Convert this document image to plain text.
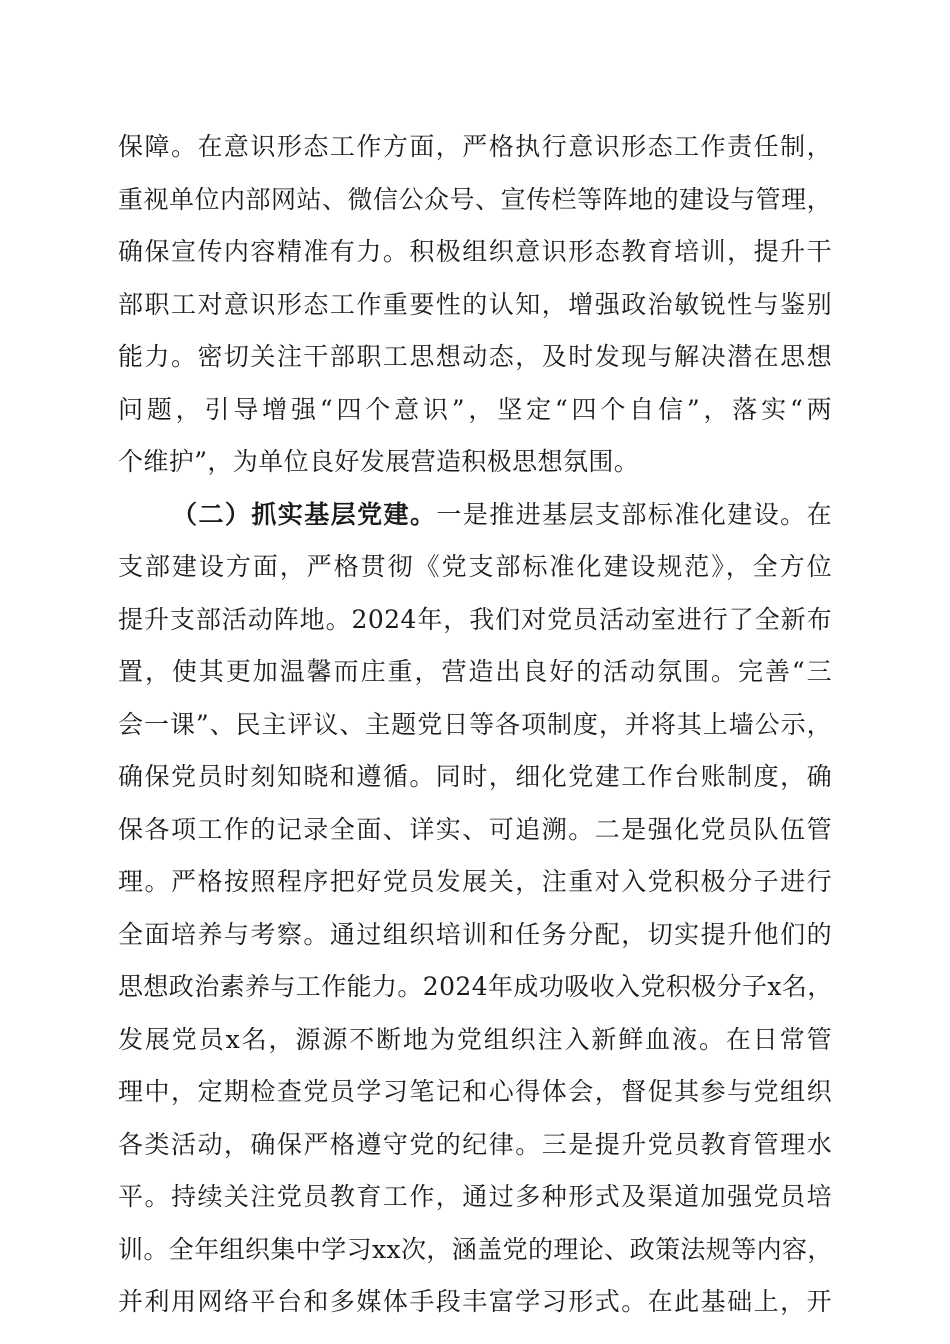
保障。在意识形态工作方面，严格执行意识形态工作责任制，
重视单位内部网站、微信公众号、宣传栏等阵地的建设与管理，
确保宣传内容精准有力。积极组织意识形态教育培训，提升干
部职工对意识形态工作重要性的认知，增强政治敏锐性与鉴别
能力。密切关注干部职工思想动态，及时发现与解决潜在思想
问题，引导增强“四个意识”，坚定“四个自信”，落实“两
个维护”，为单位良好发展营造积极思想氛围。
（二）抓实基层党建。一是推进基层支部标准化建设。在
支部建设方面，严格贯彻《党支部标准化建设规范》，全方位
提升支部活动阵地。2024年，我们对党员活动室进行了全新布
置，使其更加温馨而庄重，营造出良好的活动氛围。完善“三
会一课”、民主评议、主题党日等各项制度，并将其上墙公示，
确保党员时刻知晓和遵循。同时，细化党建工作台账制度，确
保各项工作的记录全面、详实、可追溯。二是强化党员队伍管
理。严格按照程序把好党员发展关，注重对入党积极分子进行
全面培养与考察。通过组织培训和任务分配，切实提升他们的
思想政治素养与工作能力。2024年成功吸收入党积极分子x名，
发展党员x名，源源不断地为党组织注入新鲜血液。在日常管
理中，定期检查党员学习笔记和心得体会，督促其参与党组织
各类活动，确保严格遵守党的纪律。三是提升党员教育管理水
平。持续关注党员教育工作，通过多种形式及渠道加强党员培
训。全年组织集中学习xx次，涵盖党的理论、政策法规等内容，
并利用网络平台和多媒体手段丰富学习形式。在此基础上，开
